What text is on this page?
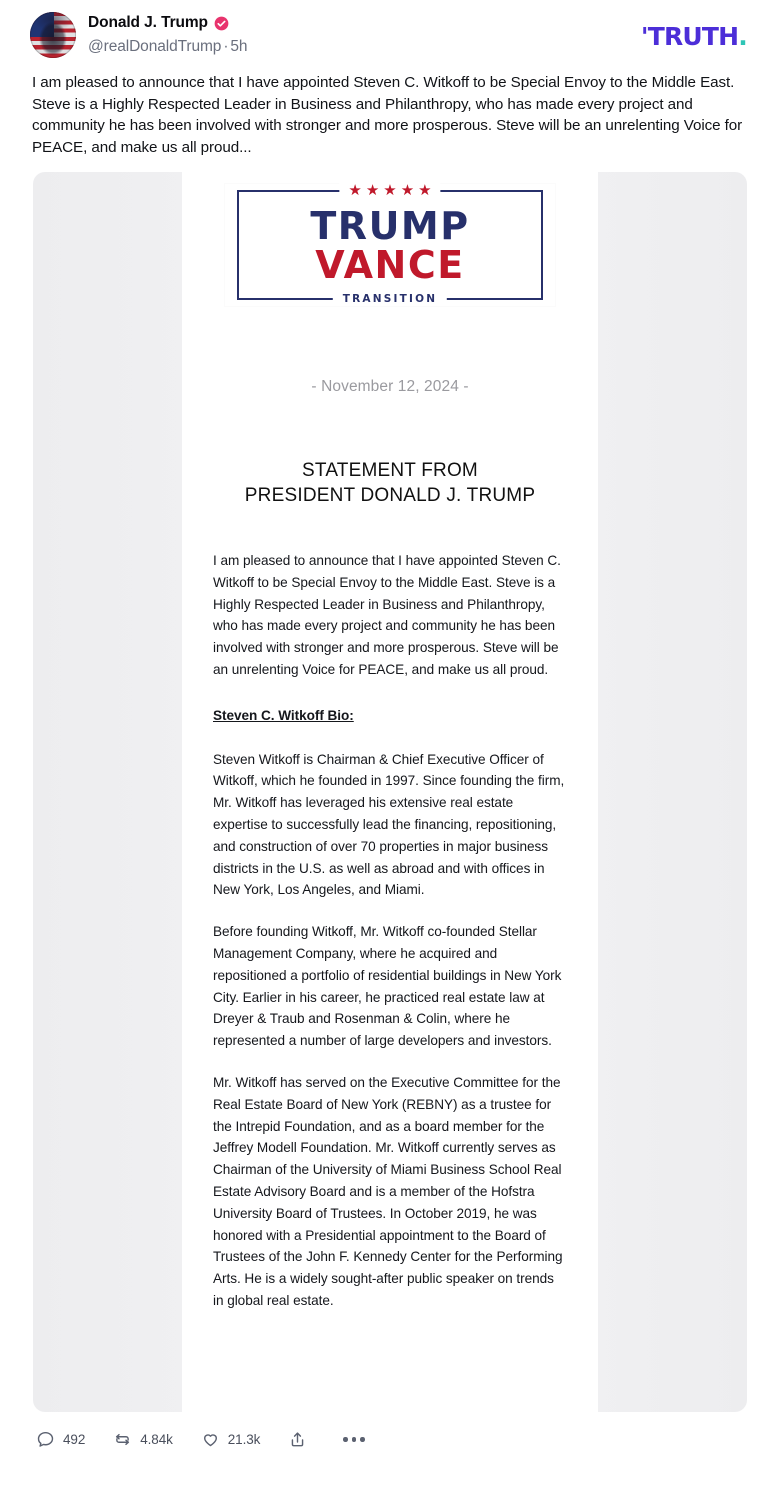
Donald J. Trump
@realDonaldTrump · 5h	' TRUTH .
I am pleased to announce that I have appointed Steven C. Witkoff to be Special Envoy to the Middle East. Steve is a Highly Respected Leader in Business and Philanthropy, who has made every project and community he has been involved with stronger and more prosperous. Steve will be an unrelenting Voice for PEACE, and make us all proud...
★ ★ ★ ★ ★
TRUMP
VANCE
TRANSITION
- November 12, 2024 -
STATEMENT FROM
PRESIDENT DONALD J. TRUMP

I am pleased to announce that I have appointed Steven C. Witkoff to be Special Envoy to the Middle East. Steve is a Highly Respected Leader in Business and Philanthropy, who has made every project and community he has been involved with stronger and more prosperous. Steve will be an unrelenting Voice for PEACE, and make us all proud.

Steven C. Witkoff Bio:

Steven Witkoff is Chairman & Chief Executive Officer of Witkoff, which he founded in 1997. Since founding the firm, Mr. Witkoff has leveraged his extensive real estate expertise to successfully lead the financing, repositioning, and construction of over 70 properties in major business districts in the U.S. as well as abroad and with offices in New York, Los Angeles, and Miami.

Before founding Witkoff, Mr. Witkoff co-founded Stellar Management Company, where he acquired and repositioned a portfolio of residential buildings in New York City. Earlier in his career, he practiced real estate law at Dreyer & Traub and Rosenman & Colin, where he represented a number of large developers and investors.

Mr. Witkoff has served on the Executive Committee for the Real Estate Board of New York (REBNY) as a trustee for the Intrepid Foundation, and as a board member for the Jeffrey Modell Foundation. Mr. Witkoff currently serves as Chairman of the University of Miami Business School Real Estate Advisory Board and is a member of the Hofstra University Board of Trustees. In October 2019, he was honored with a Presidential appointment to the Board of Trustees of the John F. Kennedy Center for the Performing Arts. He is a widely sought-after public speaker on trends in global real estate.

492	4.84k	21.3k
